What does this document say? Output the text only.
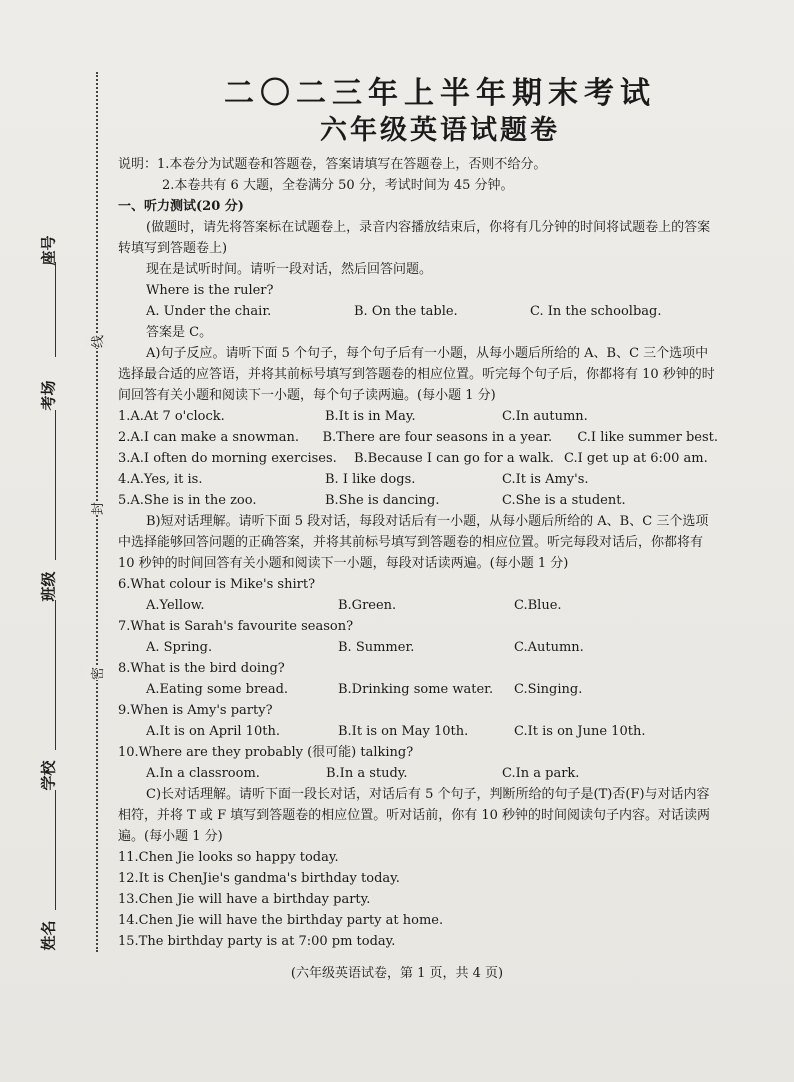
座号
考场
班级
学校
姓名
线
封
密
二〇二三年上半年期末考试
六年级英语试题卷
说明：1.本卷分为试题卷和答题卷，答案请填写在答题卷上，否则不给分。
2.本卷共有 6 大题，全卷满分 50 分，考试时间为 45 分钟。
一、听力测试(20 分)
(做题时，请先将答案标在试题卷上，录音内容播放结束后，你将有几分钟的时间将试题卷上的答案转填写到答题卷上)
现在是试听时间。请听一段对话，然后回答问题。
Where is the ruler?
A. Under the chair.	B. On the table.	C. In the schoolbag.
答案是 C。
A)句子反应。请听下面 5 个句子，每个句子后有一小题，从每小题后所给的 A、B、C 三个选项中选择最合适的应答语，并将其前标号填写到答题卷的相应位置。听完每个句子后，你都将有 10 秒钟的时间回答有关小题和阅读下一小题，每个句子读两遍。(每小题 1 分)
1.A.At 7 o'clock.	B.It is in May.	C.In autumn.
2.A.I can make a snowman.	B.There are four seasons in a year.	C.I like summer best.
3.A.I often do morning exercises.	B.Because I can go for a walk. C.I get up at 6:00 am.
4.A.Yes, it is.	B. I like dogs.	C.It is Amy's.
5.A.She is in the zoo.	B.She is dancing.	C.She is a student.
B)短对话理解。请听下面 5 段对话，每段对话后有一小题，从每小题后所给的 A、B、C 三个选项中选择能够回答问题的正确答案，并将其前标号填写到答题卷的相应位置。听完每段对话后，你都将有 10 秒钟的时间回答有关小题和阅读下一小题，每段对话读两遍。(每小题 1 分)
6.What colour is Mike's shirt?
A.Yellow.	B.Green.	C.Blue.
7.What is Sarah's favourite season?
A. Spring.	B. Summer.	C.Autumn.
8.What is the bird doing?
A.Eating some bread.	B.Drinking some water.	C.Singing.
9.When is Amy's party?
A.It is on April 10th.	B.It is on May 10th.	C.It is on June 10th.
10.Where are they probably (很可能) talking?
A.In a classroom.	B.In a study.	C.In a park.
C)长对话理解。请听下面一段长对话，对话后有 5 个句子，判断所给的句子是(T)否(F)与对话内容相符，并将 T 或 F 填写到答题卷的相应位置。听对话前，你有 10 秒钟的时间阅读句子内容。对话读两遍。(每小题 1 分)
11.Chen Jie looks so happy today.
12.It is ChenJie's gandma's birthday today.
13.Chen Jie will have a birthday party.
14.Chen Jie will have the birthday party at home.
15.The birthday party is at 7:00 pm today.
(六年级英语试卷，第 1 页，共 4 页)
